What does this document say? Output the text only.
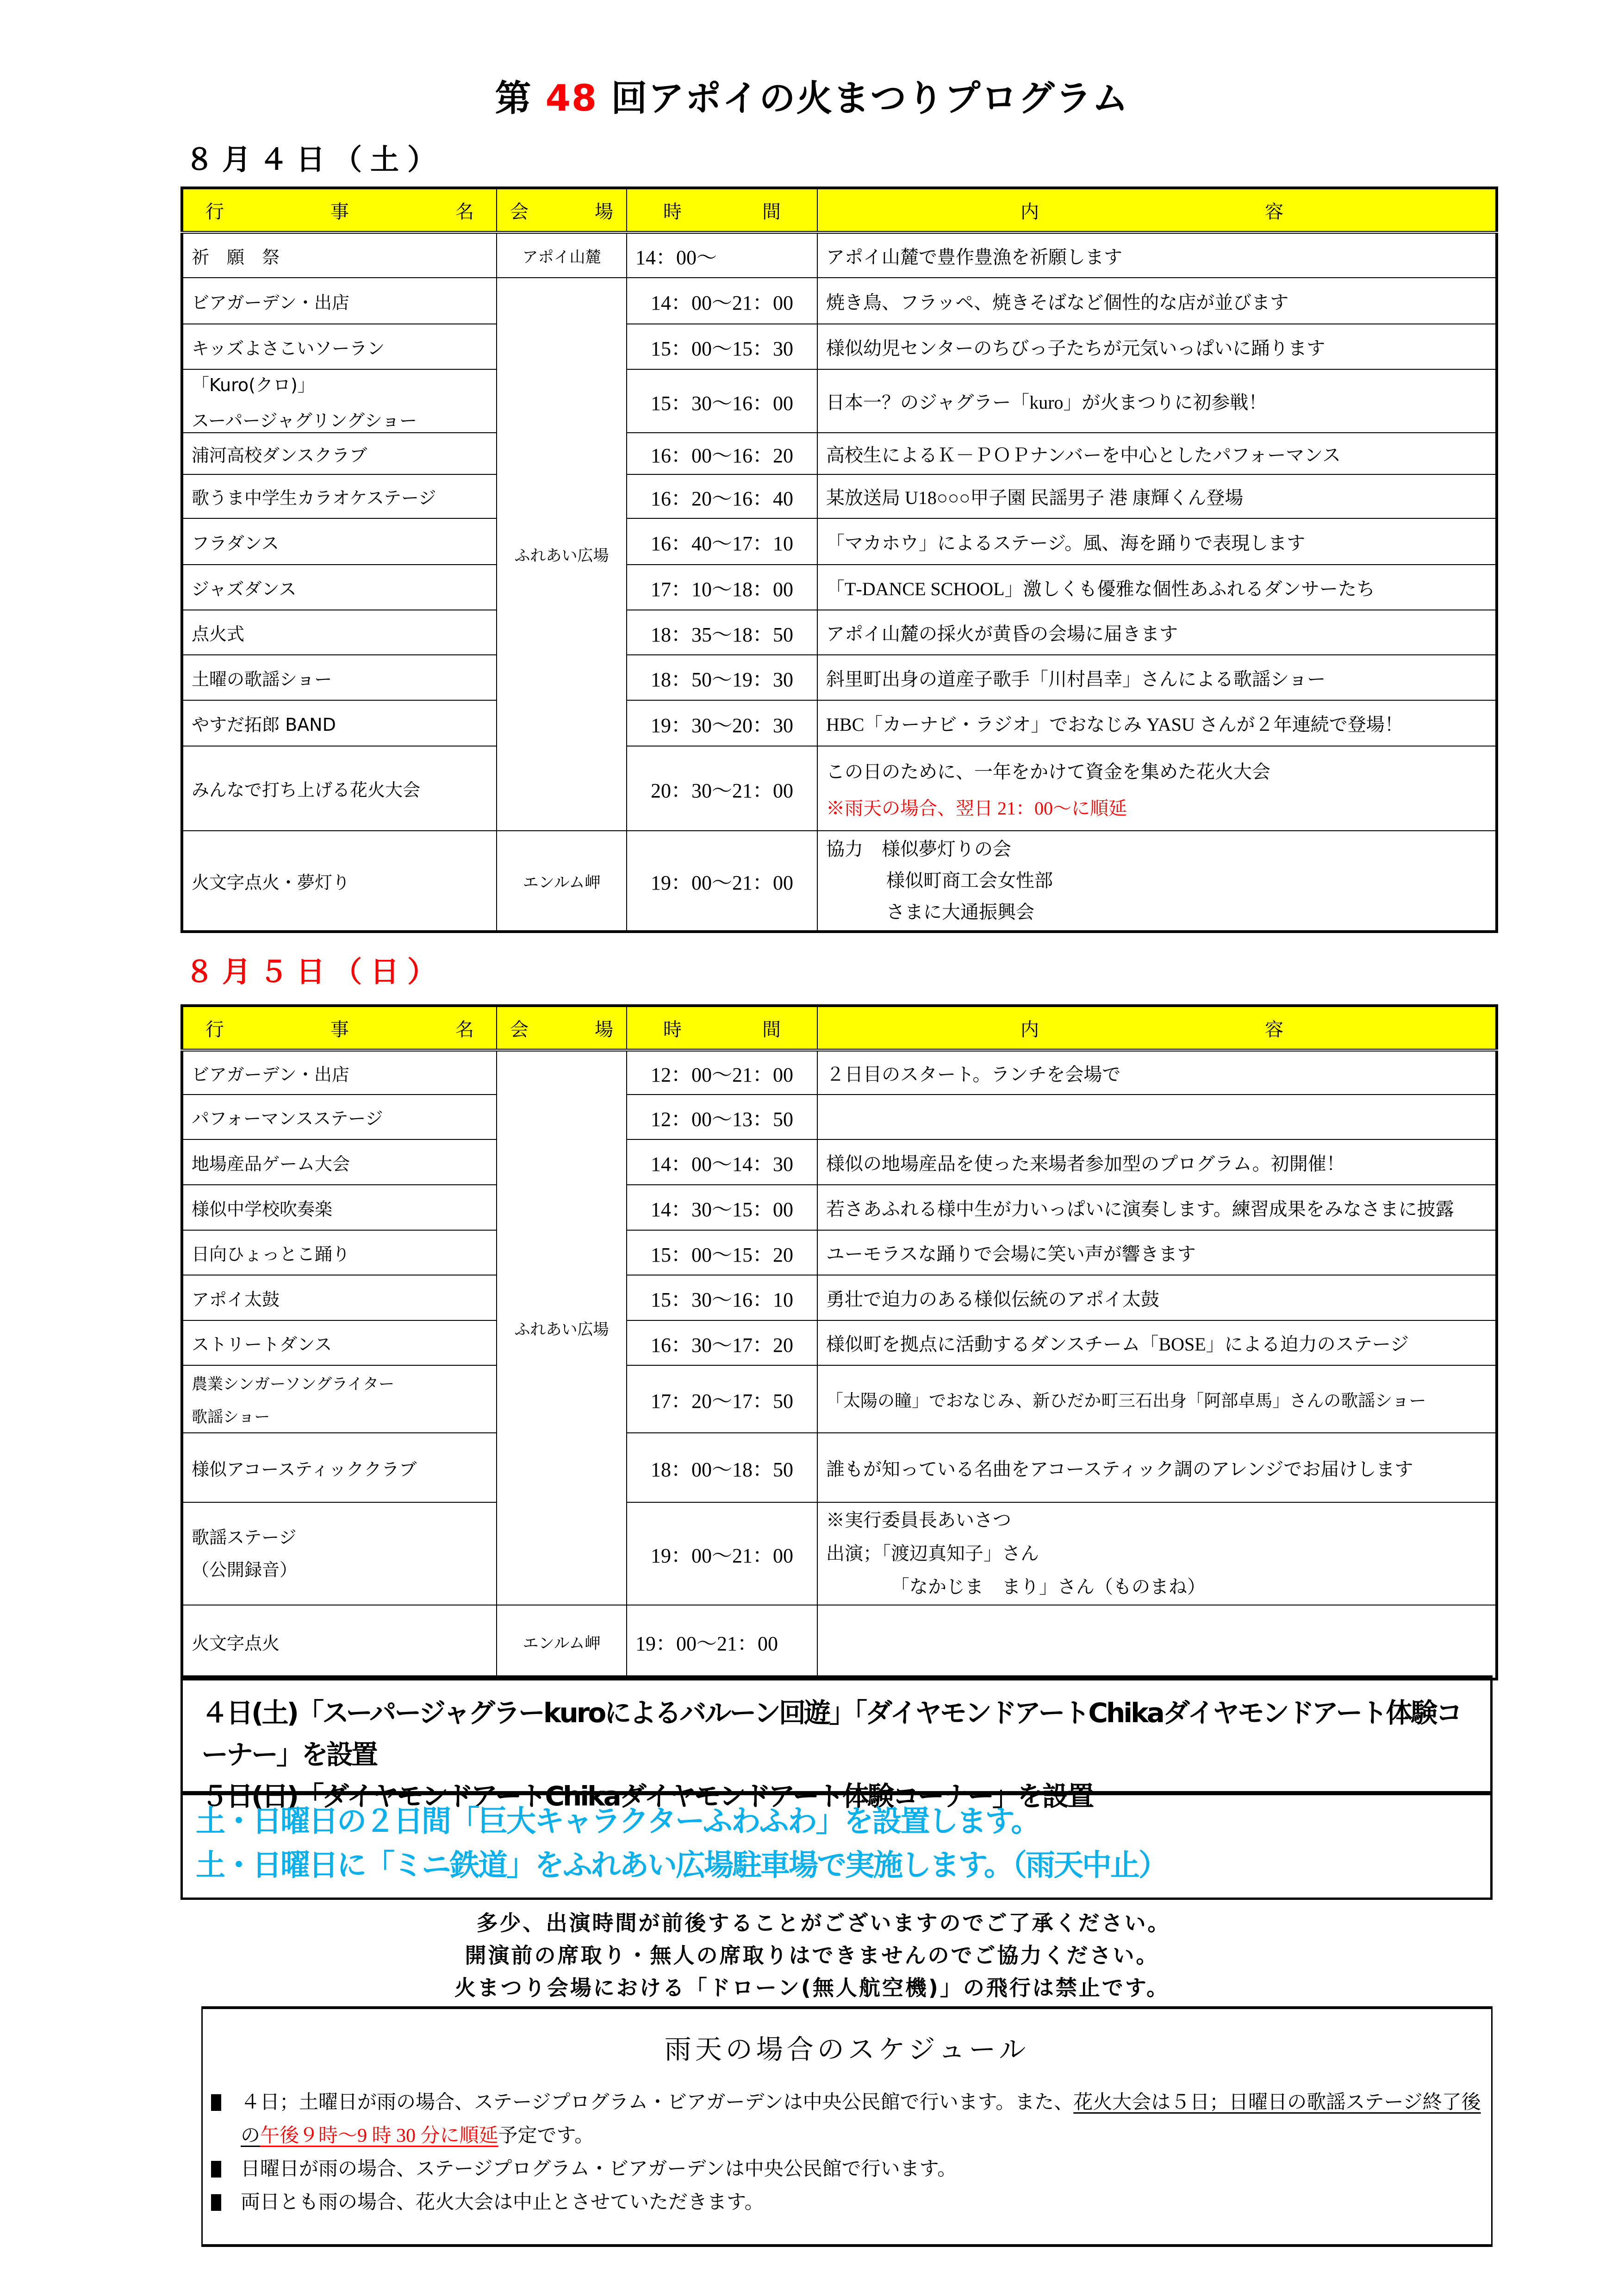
第 48 回アポイの火まつりプログラム
８月４日（土）
行 事 名	会 場	時 間	内 容

祈　願　祭	アポイ山麓	14：00～	アポイ山麓で豊作豊漁を祈願します
ビアガーデン・出店	ふれあい広場	14：00～21：00	焼き鳥、フラッペ、焼きそばなど個性的な店が並びます
キッズよさこいソーラン		15：00～15：30	様似幼児センターのちびっ子たちが元気いっぱいに踊ります
「Kuro(クロ)」
スーパージャグリングショー		15：30～16：00	日本一？のジャグラー「kuro」が火まつりに初参戦！
浦河高校ダンスクラブ		16：00～16：20	高校生によるＫ－ＰＯＰナンバーを中心としたパフォーマンス
歌うま中学生カラオケステージ		16：20～16：40	某放送局 U18○○○甲子園 民謡男子 港 康輝くん登場
フラダンス		16：40～17：10	「マカホウ」によるステージ。風、海を踊りで表現します
ジャズダンス		17：10～18：00	「T‐DANCE SCHOOL」激しくも優雅な個性あふれるダンサーたち
点火式		18：35～18：50	アポイ山麓の採火が黄昏の会場に届きます
土曜の歌謡ショー		18：50～19：30	斜里町出身の道産子歌手「川村昌幸」さんによる歌謡ショー
やすだ拓郎 BAND		19：30～20：30	HBC「カーナビ・ラジオ」でおなじみ YASU さんが２年連続で登場！
みんなで打ち上げる花火大会		20：30～21：00	この日のために、一年をかけて資金を集めた花火大会
※雨天の場合、翌日 21：00～に順延

火文字点火・夢灯り	エンルム岬	19：00～21：00	協力　様似夢灯りの会
様似町商工会女性部
さまに大通振興会
８月５日（日）
行 事 名	会 場	時 間	内 容

ビアガーデン・出店	ふれあい広場	12：00～21：00	２日目のスタート。ランチを会場で
パフォーマンスステージ		12：00～13：50	
地場産品ゲーム大会		14：00～14：30	様似の地場産品を使った来場者参加型のプログラム。初開催！
様似中学校吹奏楽		14：30～15：00	若さあふれる様中生が力いっぱいに演奏します。練習成果をみなさまに披露
日向ひょっとこ踊り		15：00～15：20	ユーモラスな踊りで会場に笑い声が響きます
アポイ太鼓		15：30～16：10	勇壮で迫力のある様似伝統のアポイ太鼓
ストリートダンス		16：30～17：20	様似町を拠点に活動するダンスチーム「BOSE」による迫力のステージ
農業シンガーソングライター
歌謡ショー		17：20～17：50	「太陽の瞳」でおなじみ、新ひだか町三石出身「阿部卓馬」さんの歌謡ショー
様似アコースティッククラブ		18：00～18：50	誰もが知っている名曲をアコースティック調のアレンジでお届けします
歌謡ステージ
（公開録音）		19：00～21：00	※実行委員長あいさつ
出演；「渡辺真知子」さん
「なかじま　まり」さん（ものまね）
火文字点火	エンルム岬	19：00～21：00	
４日(土)「スーパージャグラーkuroによるバルーン回遊」「ダイヤモンドアートChikaダイヤモンドアート体験コーナー」を設置
５日(日)「ダイヤモンドアートChikaダイヤモンドアート体験コーナー」を設置
土・日曜日の２日間「巨大キャラクターふわふわ」を設置します。
土・日曜日に「ミニ鉄道」をふれあい広場駐車場で実施します。（雨天中止）
　多少、出演時間が前後することがございますのでご了承ください。
開演前の席取り・無人の席取りはできませんのでご協力ください。
火まつり会場における「ドローン(無人航空機)」の飛行は禁止です。
雨天の場合のスケジュール
４日；土曜日が雨の場合、ステージプログラム・ビアガーデンは中央公民館で行います。また、花火大会は５日；日曜日の歌謡ステージ終了後の午後９時～9 時 30 分に順延予定です。
日曜日が雨の場合、ステージプログラム・ビアガーデンは中央公民館で行います。
両日とも雨の場合、花火大会は中止とさせていただきます。
